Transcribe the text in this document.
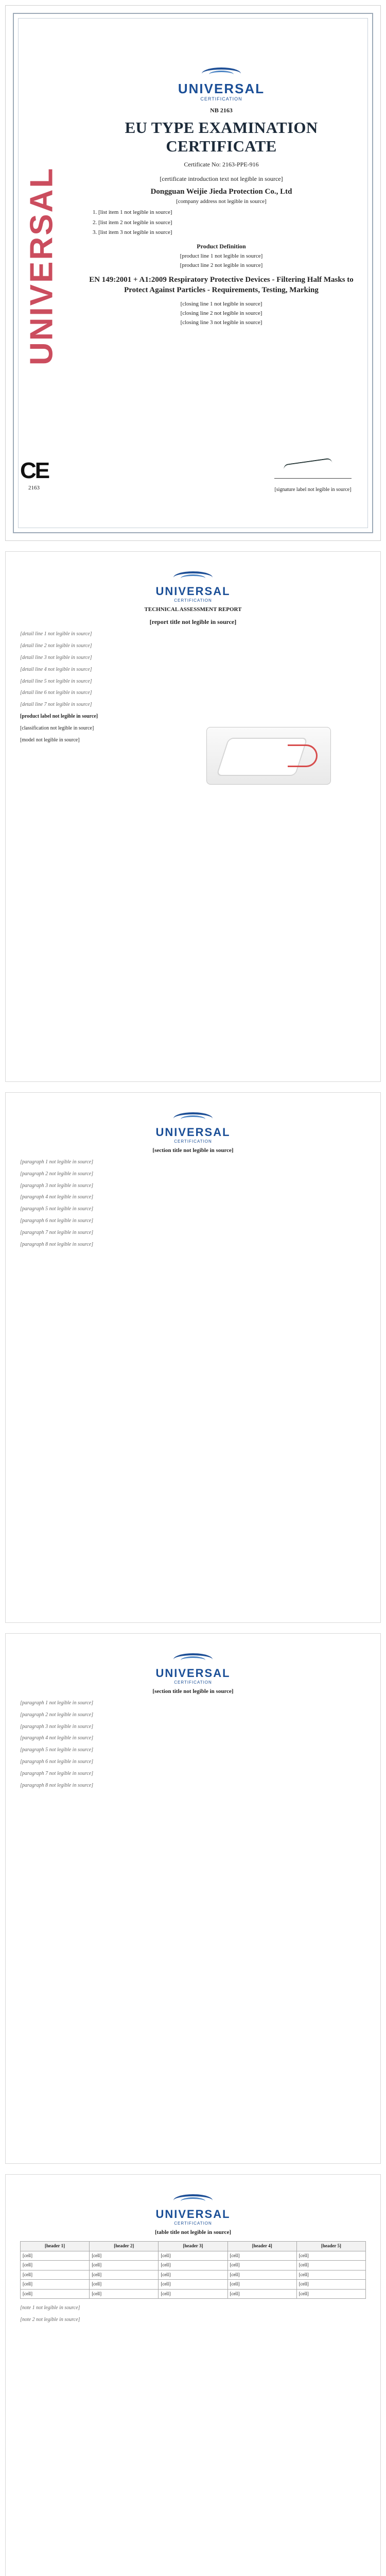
UNIVERSAL
UNIVERSAL
CERTIFICATION
NB 2163
EU TYPE EXAMINATION CERTIFICATE
Certificate No: 2163-PPE-916

[certificate introduction text not legible in source]

Dongguan Weijie Jieda Protection Co., Ltd
[company address not legible in source]
1. [list item 1 not legible in source]
2. [list item 2 not legible in source]
3. [list item 3 not legible in source]
Product Definition
[product line 1 not legible in source]
[product line 2 not legible in source]
EN 149:2001 + A1:2009 Respiratory Protective Devices - Filtering Half Masks to Protect Against Particles - Requirements, Testing, Marking
[closing line 1 not legible in source]
[closing line 2 not legible in source]
[closing line 3 not legible in source]
CE
2163	[signature label not legible in source]
UNIVERSAL
CERTIFICATION
TECHNICAL ASSESSMENT REPORT
[report title not legible in source]

[detail line 1 not legible in source]

[detail line 2 not legible in source]

[detail line 3 not legible in source]

[detail line 4 not legible in source]

[detail line 5 not legible in source]

[detail line 6 not legible in source]

[detail line 7 not legible in source]

[product label not legible in source]

[classification not legible in source]

[model not legible in source]

UNIVERSAL
CERTIFICATION
[section title not legible in source]

[paragraph 1 not legible in source]

[paragraph 2 not legible in source]

[paragraph 3 not legible in source]

[paragraph 4 not legible in source]

[paragraph 5 not legible in source]

[paragraph 6 not legible in source]

[paragraph 7 not legible in source]

[paragraph 8 not legible in source]

UNIVERSAL
CERTIFICATION
[section title not legible in source]

[paragraph 1 not legible in source]

[paragraph 2 not legible in source]

[paragraph 3 not legible in source]

[paragraph 4 not legible in source]

[paragraph 5 not legible in source]

[paragraph 6 not legible in source]

[paragraph 7 not legible in source]

[paragraph 8 not legible in source]

UNIVERSAL
CERTIFICATION
[table title not legible in source]
[header 1]	[header 2]	[header 3]	[header 4]	[header 5]
[cell]	[cell]	[cell]	[cell]	[cell]
[cell]	[cell]	[cell]	[cell]	[cell]
[cell]	[cell]	[cell]	[cell]	[cell]
[cell]	[cell]	[cell]	[cell]	[cell]
[cell]	[cell]	[cell]	[cell]	[cell]

[note 1 not legible in source]

[note 2 not legible in source]
